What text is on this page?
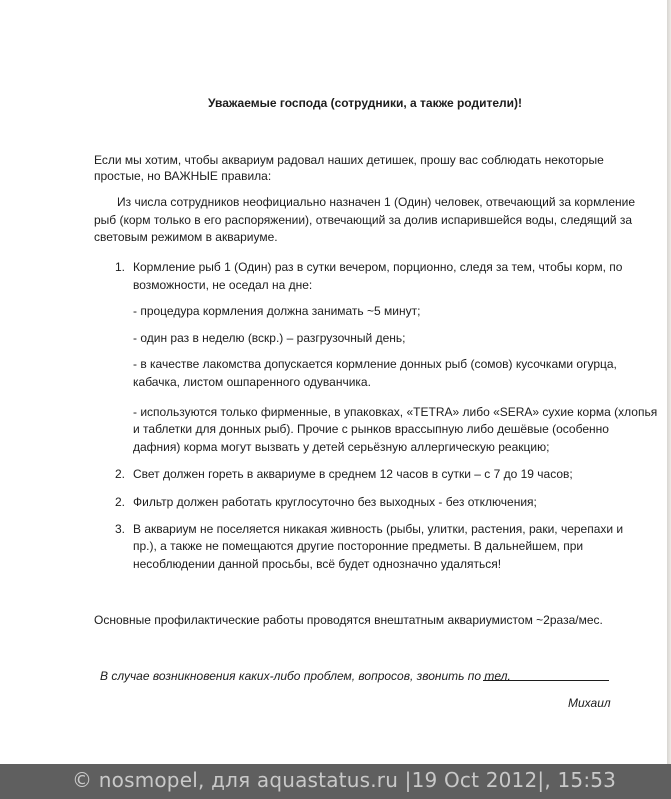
Уважаемые господа (сотрудники, а также родители)!
Если мы хотим, чтобы аквариум радовал наших детишек, прошу вас соблюдать некоторые
простые, но ВАЖНЫЕ правила:
Из числа сотрудников неофициально назначен 1 (Один) человек, отвечающий за кормление
рыб (корм только в его распоряжении), отвечающий за долив испарившейся воды, следящий за
световым режимом в аквариуме.
1. Кормление рыб 1 (Один) раз в сутки вечером, порционно, следя за тем, чтобы корм, по
возможности, не оседал на дне:
- процедура кормления должна занимать ~5 минут;
- один раз в неделю (вскр.) – разгрузочный день;
- в качестве лакомства допускается кормление донных рыб (сомов) кусочками огурца,
кабачка, листом ошпаренного одуванчика.
- используются только фирменные, в упаковках, «TETRA» либо «SERA» сухие корма (хлопья
и таблетки для донных рыб). Прочие с рынков врассыпную либо дешёвые (особенно
дафния) корма могут вызвать у детей серьёзную аллергическую реакцию;
2. Свет должен гореть в аквариуме в среднем 12 часов в сутки – с 7 до 19 часов;
2. Фильтр должен работать круглосуточно без выходных - без отключения;
3. В аквариум не поселяется никакая живность (рыбы, улитки, растения, раки, черепахи и
пр.), а также не помещаются другие посторонние предметы. В дальнейшем, при
несоблюдении данной просьбы, всё будет однозначно удаляться!
Основные профилактические работы проводятся внештатным аквариумистом ~2раза/мес.
В случае возникновения каких-либо проблем, вопросов, звонить по тел.
Михаил
© nosmopel, для aquastatus.ru |19 Oct 2012|, 15:53
